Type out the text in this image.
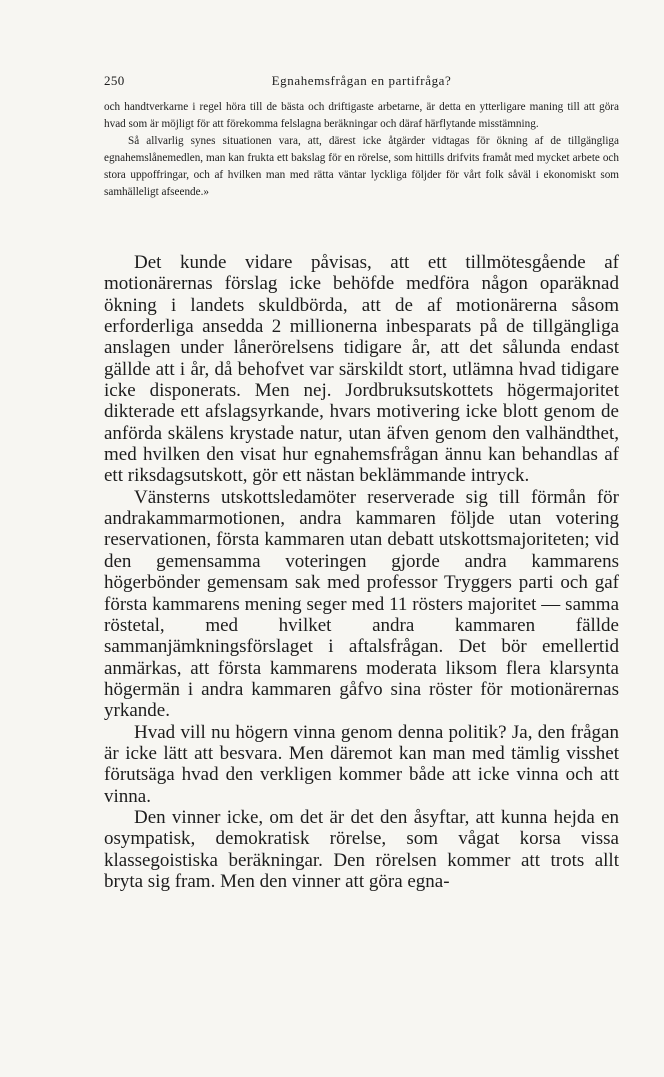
250	Egnahemsfrågan en partifråga?

och handtverkarne i regel höra till de bästa och driftigaste arbetarne, är detta en ytterligare maning till att göra hvad som är möjligt för att förekomma felslagna beräkningar och däraf härflytande misstämning.

Så allvarlig synes situationen vara, att, därest icke åtgärder vidtagas för ökning af de tillgängliga egnahemslånemedlen, man kan frukta ett bakslag för en rörelse, som hittills drifvits framåt med mycket arbete och stora uppoffringar, och af hvilken man med rätta väntar lyckliga följder för vårt folk såväl i ekonomiskt som samhälleligt afseende.»

Det kunde vidare påvisas, att ett tillmötesgående af motionärernas förslag icke behöfde medföra någon oparäknad ökning i landets skuldbörda, att de af motionärerna såsom erforderliga ansedda 2 millionerna inbesparats på de tillgängliga anslagen under lånerörelsens tidigare år, att det sålunda endast gällde att i år, då behofvet var särskildt stort, utlämna hvad tidigare icke disponerats. Men nej. Jordbruksutskottets högermajoritet dikterade ett afslagsyrkande, hvars motivering icke blott genom de anförda skälens krystade natur, utan äfven genom den valhändthet, med hvilken den visat hur egnahemsfrågan ännu kan behandlas af ett riksdagsutskott, gör ett nästan beklämmande intryck.

Vänsterns utskottsledamöter reserverade sig till förmån för andrakammarmotionen, andra kammaren följde utan votering reservationen, första kammaren utan debatt utskottsmajoriteten; vid den gemensamma voteringen gjorde andra kammarens högerbönder gemensam sak med professor Tryggers parti och gaf första kammarens mening seger med 11 rösters majoritet — samma röstetal, med hvilket andra kammaren fällde sammanjämkningsförslaget i aftalsfrågan. Det bör emellertid anmärkas, att första kammarens moderata liksom flera klarsynta högermän i andra kammaren gåfvo sina röster för motionärernas yrkande.

Hvad vill nu högern vinna genom denna politik? Ja, den frågan är icke lätt att besvara. Men däremot kan man med tämlig visshet förutsäga hvad den verkligen kommer både att icke vinna och att vinna.

Den vinner icke, om det är det den åsyftar, att kunna hejda en osympatisk, demokratisk rörelse, som vågat korsa vissa klassegoistiska beräkningar. Den rörelsen kommer att trots allt bryta sig fram. Men den vinner att göra egna-
